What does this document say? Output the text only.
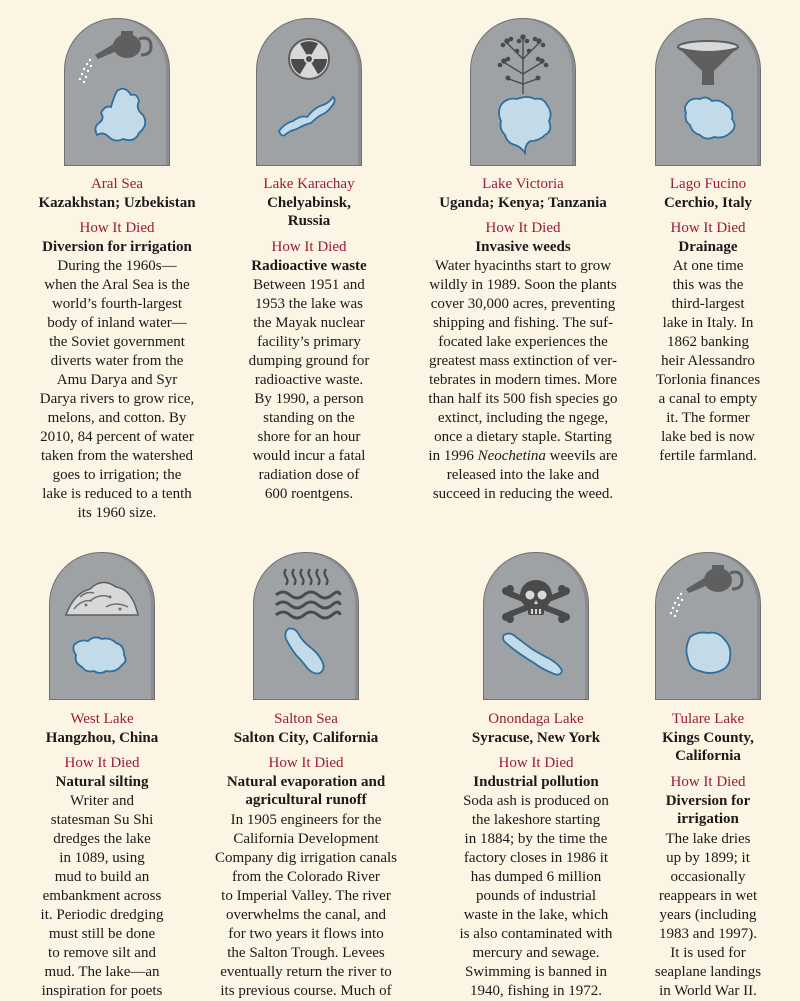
Aral Sea
Kazakhstan; Uzbekistan
How It Died
Diversion for irrigation
During the 1960s—
when the Aral Sea is the
world’s fourth-largest
body of inland water—
the Soviet government
diverts water from the
Amu Darya and Syr
Darya rivers to grow rice,
melons, and cotton. By
2010, 84 percent of water
taken from the watershed
goes to irrigation; the
lake is reduced to a tenth
its 1960 size.
Lake Karachay
Chelyabinsk,
Russia
How It Died
Radioactive waste
Between 1951 and
1953 the lake was
the Mayak nuclear
facility’s primary
dumping ground for
radioactive waste.
By 1990, a person
standing on the
shore for an hour
would incur a fatal
radiation dose of
600 roentgens.
Lake Victoria
Uganda; Kenya; Tanzania
How It Died
Invasive weeds
Water hyacinths start to grow
wildly in 1989. Soon the plants
cover 30,000 acres, preventing
shipping and fishing. The suf-
focated lake experiences the
greatest mass extinction of ver-
tebrates in modern times. More
than half its 500 fish species go
extinct, including the ngege,
once a dietary staple. Starting
in 1996 Neochetina weevils are
released into the lake and
succeed in reducing the weed.
Lago Fucino
Cerchio, Italy
How It Died
Drainage
At one time
this was the
third-largest
lake in Italy. In
1862 banking
heir Alessandro
Torlonia finances
a canal to empty
it. The former
lake bed is now
fertile farmland.
West Lake
Hangzhou, China
How It Died
Natural silting
Writer and
statesman Su Shi
dredges the lake
in 1089, using
mud to build an
embankment across
it. Periodic dredging
must still be done
to remove silt and
mud. The lake—an
inspiration for poets
Salton Sea
Salton City, California
How It Died
Natural evaporation and
agricultural runoff
In 1905 engineers for the
California Development
Company dig irrigation canals
from the Colorado River
to Imperial Valley. The river
overwhelms the canal, and
for two years it flows into
the Salton Trough. Levees
eventually return the river to
its previous course. Much of
Onondaga Lake
Syracuse, New York
How It Died
Industrial pollution
Soda ash is produced on
the lakeshore starting
in 1884; by the time the
factory closes in 1986 it
has dumped 6 million
pounds of industrial
waste in the lake, which
is also contaminated with
mercury and sewage.
Swimming is banned in
1940, fishing in 1972.
Tulare Lake
Kings County,
California
How It Died
Diversion for
irrigation
The lake dries
up by 1899; it
occasionally
reappears in wet
years (including
1983 and 1997).
It is used for
seaplane landings
in World War II.
